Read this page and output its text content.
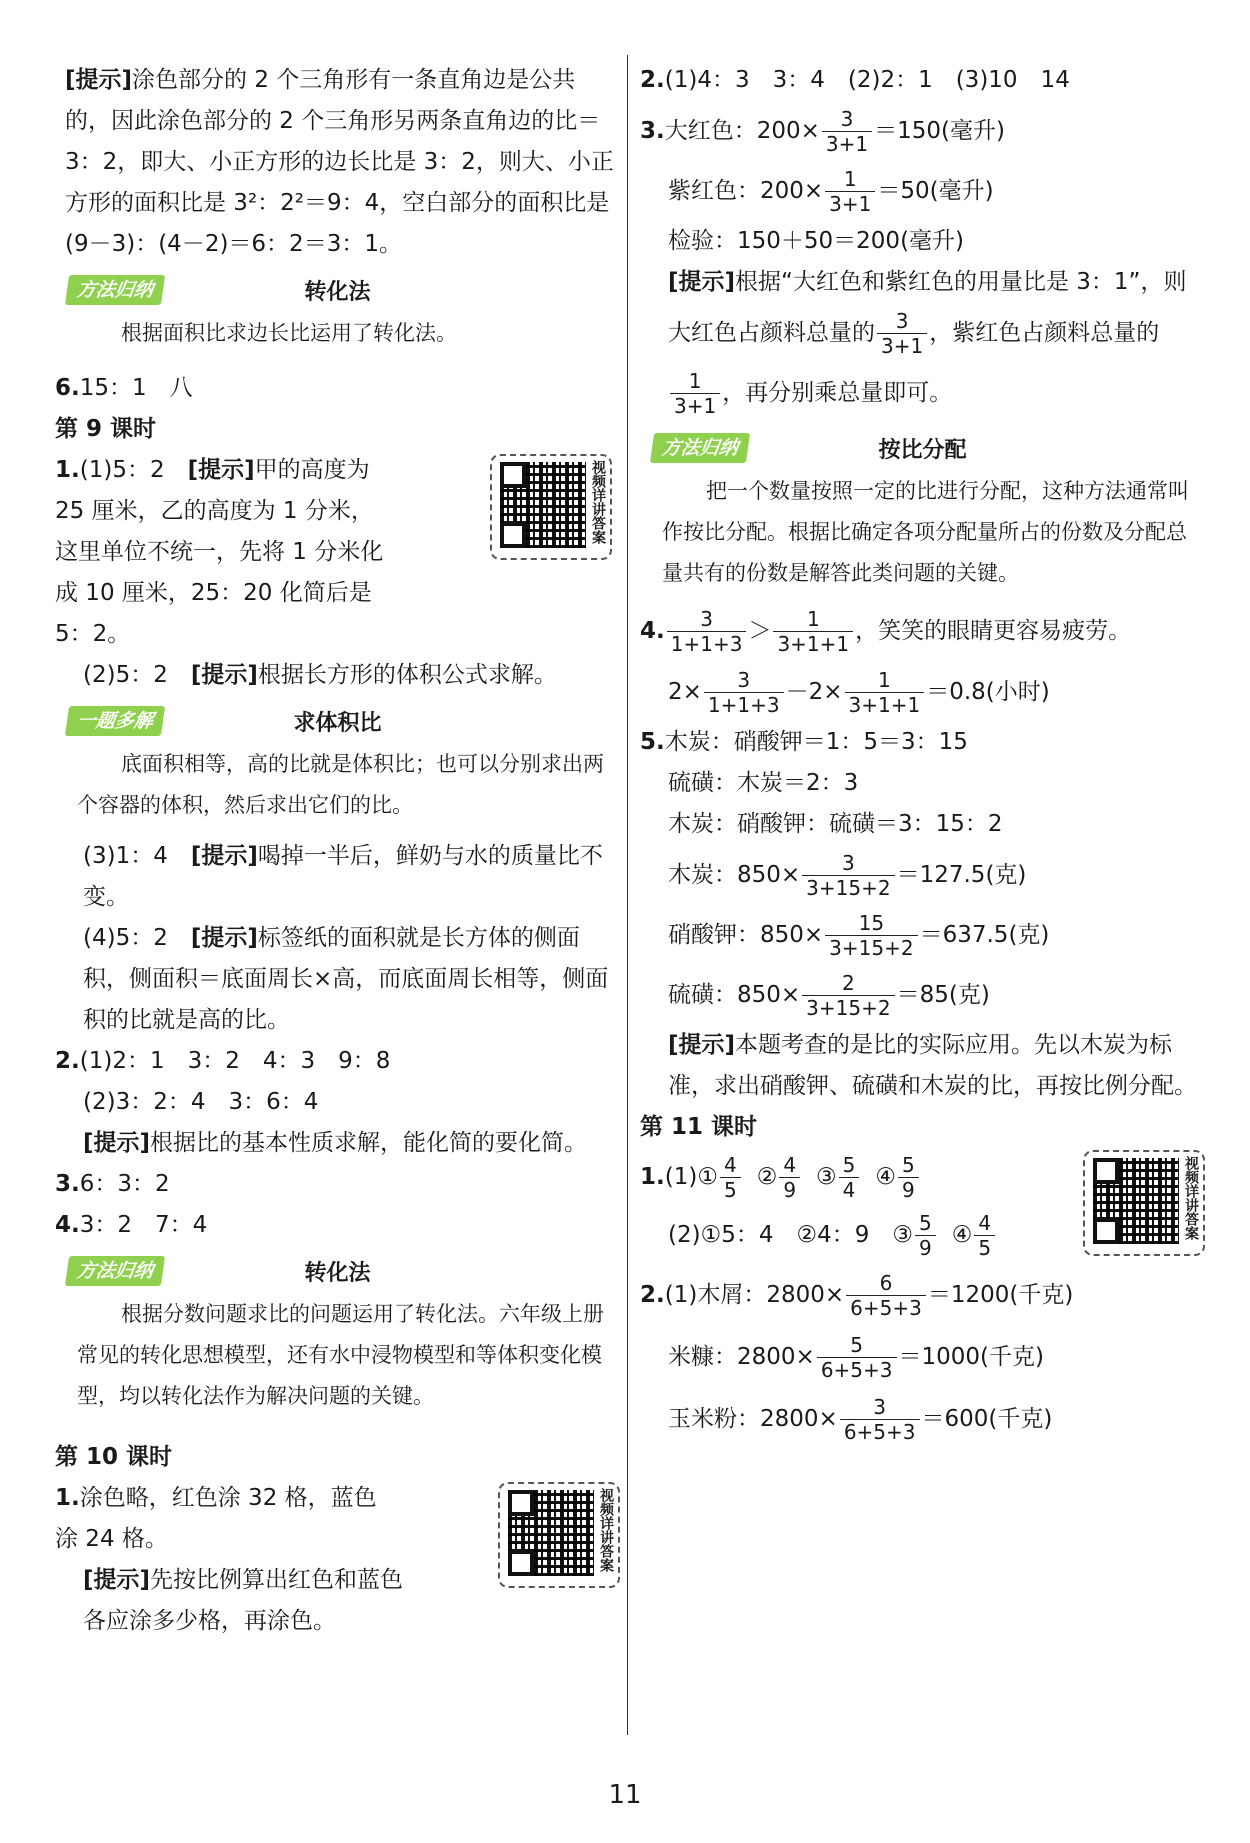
[提示]涂色部分的 2 个三角形有一条直角边是公共的，因此涂色部分的 2 个三角形另两条直角边的比＝3：2，即大、小正方形的边长比是 3：2，则大、小正方形的面积比是 3²：2²＝9：4，空白部分的面积比是(9－3)：(4－2)＝6：2＝3：1。

方法归纳	转化法

根据面积比求边长比运用了转化法。

6.15：1　八

第 9 课时

视频详讲答案

1.(1)5：2　[提示]甲的高度为 25 厘米，乙的高度为 1 分米，这里单位不统一，先将 1 分米化成 10 厘米，25：20 化简后是 5：2。

(2)5：2　[提示]根据长方形的体积公式求解。

一题多解	求体积比

底面积相等，高的比就是体积比；也可以分别求出两个容器的体积，然后求出它们的比。

(3)1：4　[提示]喝掉一半后，鲜奶与水的质量比不变。

(4)5：2　[提示]标签纸的面积就是长方体的侧面积，侧面积＝底面周长×高，而底面周长相等，侧面积的比就是高的比。

2.(1)2：1　3：2　4：3　9：8

(2)3：2：4　3：6：4

[提示]根据比的基本性质求解，能化简的要化简。

3.6：3：2

4.3：2　7：4

方法归纳	转化法

根据分数问题求比的问题运用了转化法。六年级上册常见的转化思想模型，还有水中浸物模型和等体积变化模型，均以转化法作为解决问题的关键。

第 10 课时

视频详讲答案

1.涂色略，红色涂 32 格，蓝色涂 24 格。

[提示]先按比例算出红色和蓝色各应涂多少格，再涂色。

2.(1)4：3　3：4　(2)2：1　(3)10　14

3.大红色：$200\times \frac{3}{3+1} =150$(毫升)

紫红色：$200\times \frac{1}{3+1} =50$(毫升)

检验：150＋50＝200(毫升)

[提示]根据“大红色和紫红色的用量比是 3：1”，则

大红色占颜料总量的 $\frac{3}{3+1}$ ，紫红色占颜料总量的

$\frac{1}{3+1}$ ，再分别乘总量即可。

方法归纳	按比分配

把一个数量按照一定的比进行分配，这种方法通常叫作按比分配。根据比确定各项分配量所占的份数及分配总量共有的份数是解答此类问题的关键。

4. $\frac{3}{1+1+3} > \frac{1}{3+1+1}$ ，笑笑的眼睛更容易疲劳。

$2\times \frac{3}{1+1+3} -2\times \frac{1}{3+1+1} =0.8$(小时)

5.木炭：硝酸钾＝1：5＝3：15

硫磺：木炭＝2：3

木炭：硝酸钾：硫磺＝3：15：2

木炭：$850\times \frac{3}{3+15+2} =127.5$(克)

硝酸钾：$850\times \frac{15}{3+15+2} =637.5$(克)

硫磺：$850\times \frac{2}{3+15+2} =85$(克)

[提示]本题考查的是比的实际应用。先以木炭为标准，求出硝酸钾、硫磺和木炭的比，再按比例分配。

第 11 课时

视频详讲答案

1.(1)① $\frac{4}{5}$ ② $\frac{4}{9}$ ③ $\frac{5}{4}$ ④ $\frac{5}{9}$

(2)①5：4　②4：9　③ $\frac{5}{9}$ ④ $\frac{4}{5}$

2.(1)木屑：$2800\times \frac{6}{6+5+3} =1200$(千克)

米糠：$2800\times \frac{5}{6+5+3} =1000$(千克)

玉米粉：$2800\times \frac{3}{6+5+3} =600$(千克)

11
